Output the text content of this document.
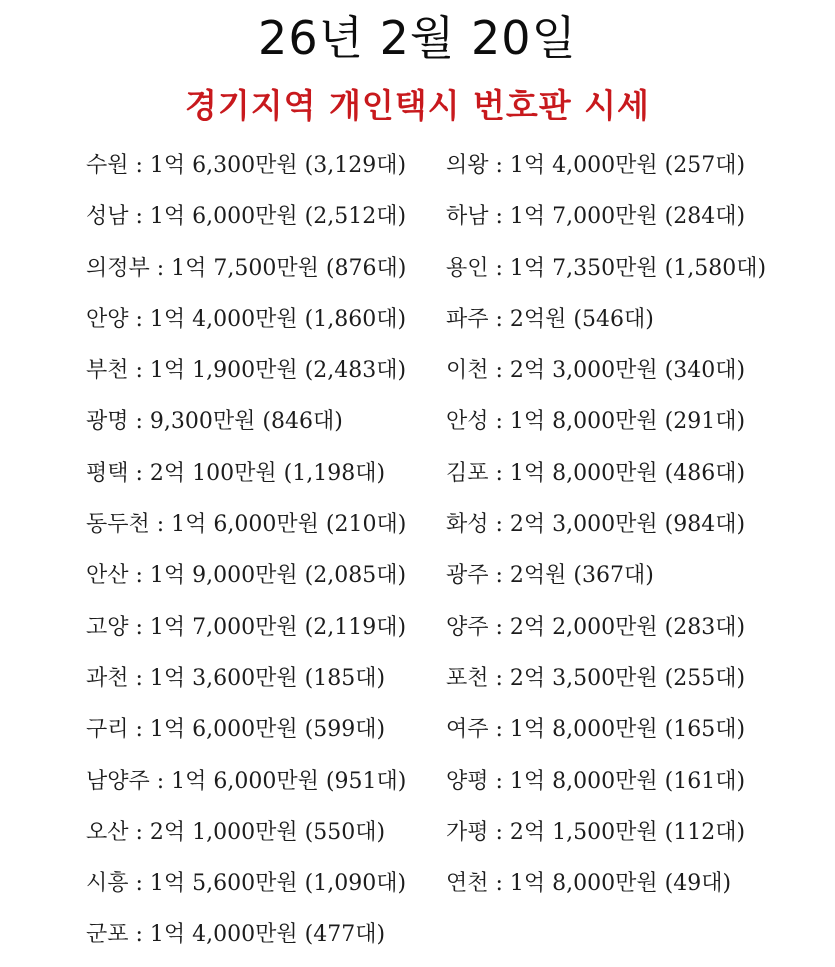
26년 2월 20일
경기지역 개인택시 번호판 시세
수원 : 1억 6,300만원 (3,129대) 의왕 : 1억 4,000만원 (257대)
성남 : 1억 6,000만원 (2,512대) 하남 : 1억 7,000만원 (284대)
의정부 : 1억 7,500만원 (876대) 용인 : 1억 7,350만원 (1,580대)
안양 : 1억 4,000만원 (1,860대) 파주 : 2억원 (546대)
부천 : 1억 1,900만원 (2,483대) 이천 : 2억 3,000만원 (340대)
광명 : 9,300만원 (846대)	안성 : 1억 8,000만원 (291대)
평택 : 2억 100만원 (1,198대)	김포 : 1억 8,000만원 (486대)
동두천 : 1억 6,000만원 (210대) 화성 : 2억 3,000만원 (984대)
안산 : 1억 9,000만원 (2,085대) 광주 : 2억원 (367대)
고양 : 1억 7,000만원 (2,119대) 양주 : 2억 2,000만원 (283대)
과천 : 1억 3,600만원 (185대)	포천 : 2억 3,500만원 (255대)
구리 : 1억 6,000만원 (599대)	여주 : 1억 8,000만원 (165대)
남양주 : 1억 6,000만원 (951대) 양평 : 1억 8,000만원 (161대)
오산 : 2억 1,000만원 (550대)	가평 : 2억 1,500만원 (112대)
시흥 : 1억 5,600만원 (1,090대) 연천 : 1억 8,000만원 (49대)
군포 : 1억 4,000만원 (477대)
